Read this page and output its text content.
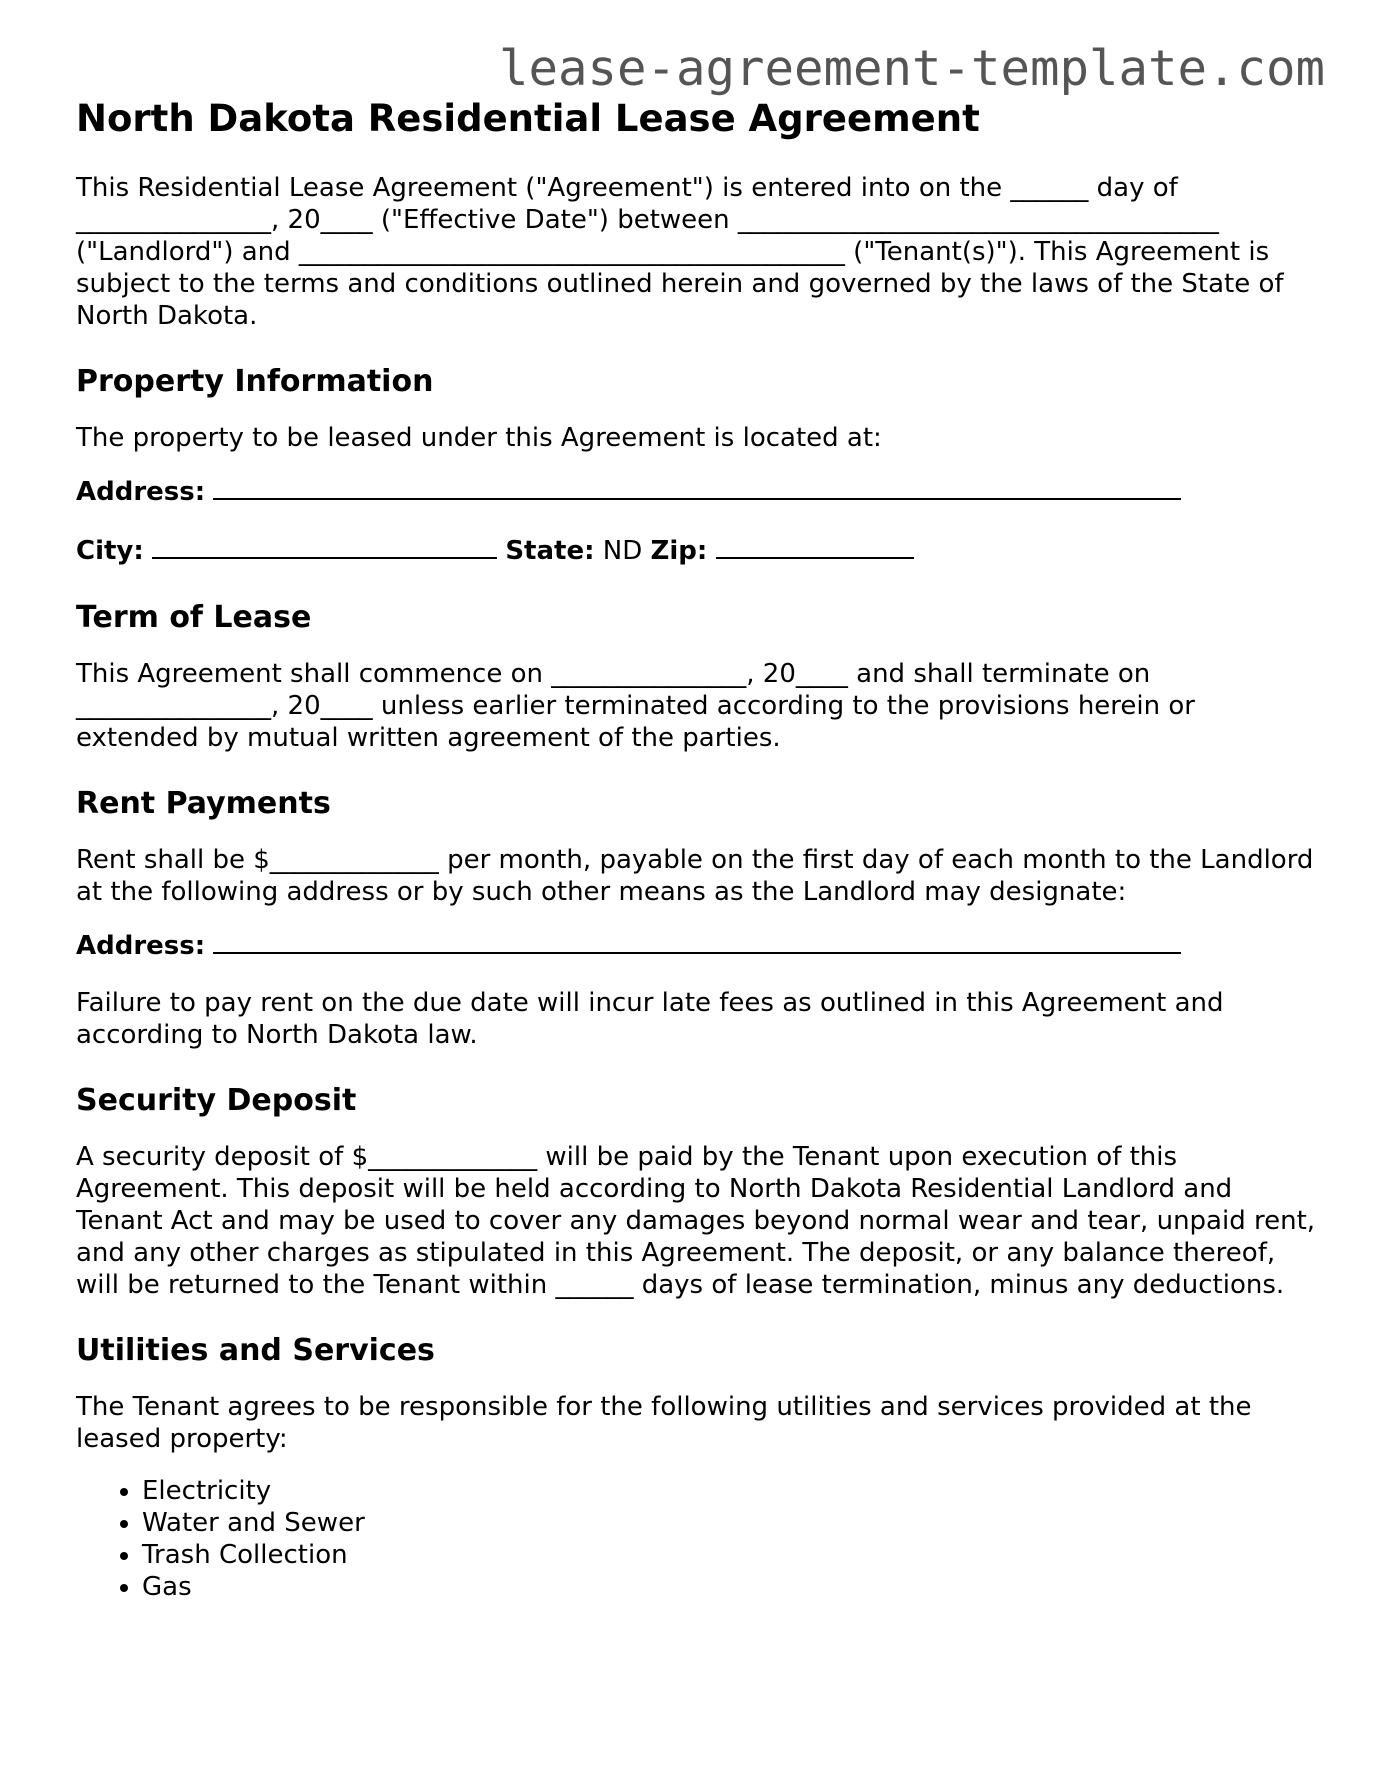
lease-agreement-template.com
North Dakota Residential Lease Agreement

This Residential Lease Agreement ("Agreement") is entered into on the ______ day of _______________, 20____ ("Effective Date") between _____________________________________ ("Landlord") and __________________________________________ ("Tenant(s)"). This Agreement is subject to the terms and conditions outlined herein and governed by the laws of the State of North Dakota.

Property Information

The property to be leased under this Agreement is located at:

Address:
City:	State: ND Zip:
Term of Lease

This Agreement shall commence on _______________, 20____ and shall terminate on _______________, 20____ unless earlier terminated according to the provisions herein or extended by mutual written agreement of the parties.

Rent Payments

Rent shall be $_____________ per month, payable on the first day of each month to the Landlord at the following address or by such other means as the Landlord may designate:

Address:

Failure to pay rent on the due date will incur late fees as outlined in this Agreement and according to North Dakota law.

Security Deposit

A security deposit of $_____________ will be paid by the Tenant upon execution of this Agreement. This deposit will be held according to North Dakota Residential Landlord and Tenant Act and may be used to cover any damages beyond normal wear and tear, unpaid rent, and any other charges as stipulated in this Agreement. The deposit, or any balance thereof, will be returned to the Tenant within ______ days of lease termination, minus any deductions.

Utilities and Services

The Tenant agrees to be responsible for the following utilities and services provided at the leased property:

• Electricity
• Water and Sewer
• Trash Collection
• Gas
